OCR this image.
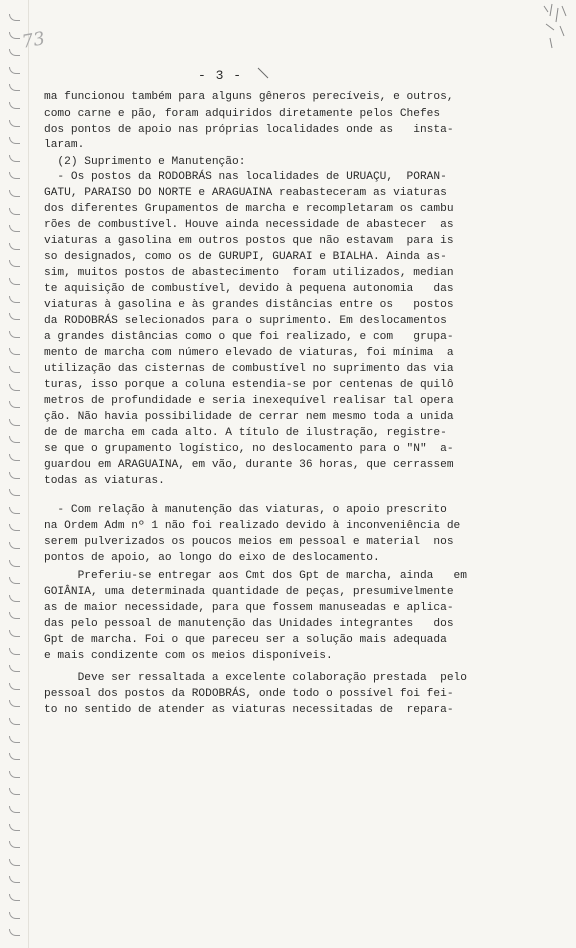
73
- 3 -
ma funcionou também para alguns gêneros perecíveis, e outros,
como carne e pão, foram adquiridos diretamente pelos Chefes
dos pontos de apoio nas próprias localidades onde as   insta-
laram.
(2) Suprimento e Manutenção:
- Os postos da RODOBRÁS nas localidades de URUAÇU,  PORAN-
GATU, PARAISO DO NORTE e ARAGUAINA reabasteceram as viaturas
dos diferentes Grupamentos de marcha e recompletaram os cambu
rões de combustível. Houve ainda necessidade de abastecer  as
viaturas a gasolina em outros postos que não estavam  para is
so designados, como os de GURUPI, GUARAI e BIALHA. Ainda as-
sim, muitos postos de abastecimento  foram utilizados, median
te aquisição de combustível, devido à pequena autonomia   das
viaturas à gasolina e às grandes distâncias entre os   postos
da RODOBRÁS selecionados para o suprimento. Em deslocamentos
a grandes distâncias como o que foi realizado, e com   grupa-
mento de marcha com número elevado de viaturas, foi mínima  a
utilização das cisternas de combustível no suprimento das via
turas, isso porque a coluna estendia-se por centenas de quilô
metros de profundidade e seria inexequível realisar tal opera
ção. Não havia possibilidade de cerrar nem mesmo toda a unida
de de marcha em cada alto. A título de ilustração, registre-
se que o grupamento logístico, no deslocamento para o "N"  a-
guardou em ARAGUAINA, em vão, durante 36 horas, que cerrassem
todas as viaturas.
- Com relação à manutenção das viaturas, o apoio prescrito
na Ordem Adm nº 1 não foi realizado devido à inconveniência de
serem pulverizados os poucos meios em pessoal e material  nos
pontos de apoio, ao longo do eixo de deslocamento.
Preferiu-se entregar aos Cmt dos Gpt de marcha, ainda   em
GOIÂNIA, uma determinada quantidade de peças, presumivelmente
as de maior necessidade, para que fossem manuseadas e aplica-
das pelo pessoal de manutenção das Unidades integrantes   dos
Gpt de marcha. Foi o que pareceu ser a solução mais adequada
e mais condizente com os meios disponíveis.
Deve ser ressaltada a excelente colaboração prestada  pelo
pessoal dos postos da RODOBRÁS, onde todo o possível foi fei-
to no sentido de atender as viaturas necessitadas de  repara-
